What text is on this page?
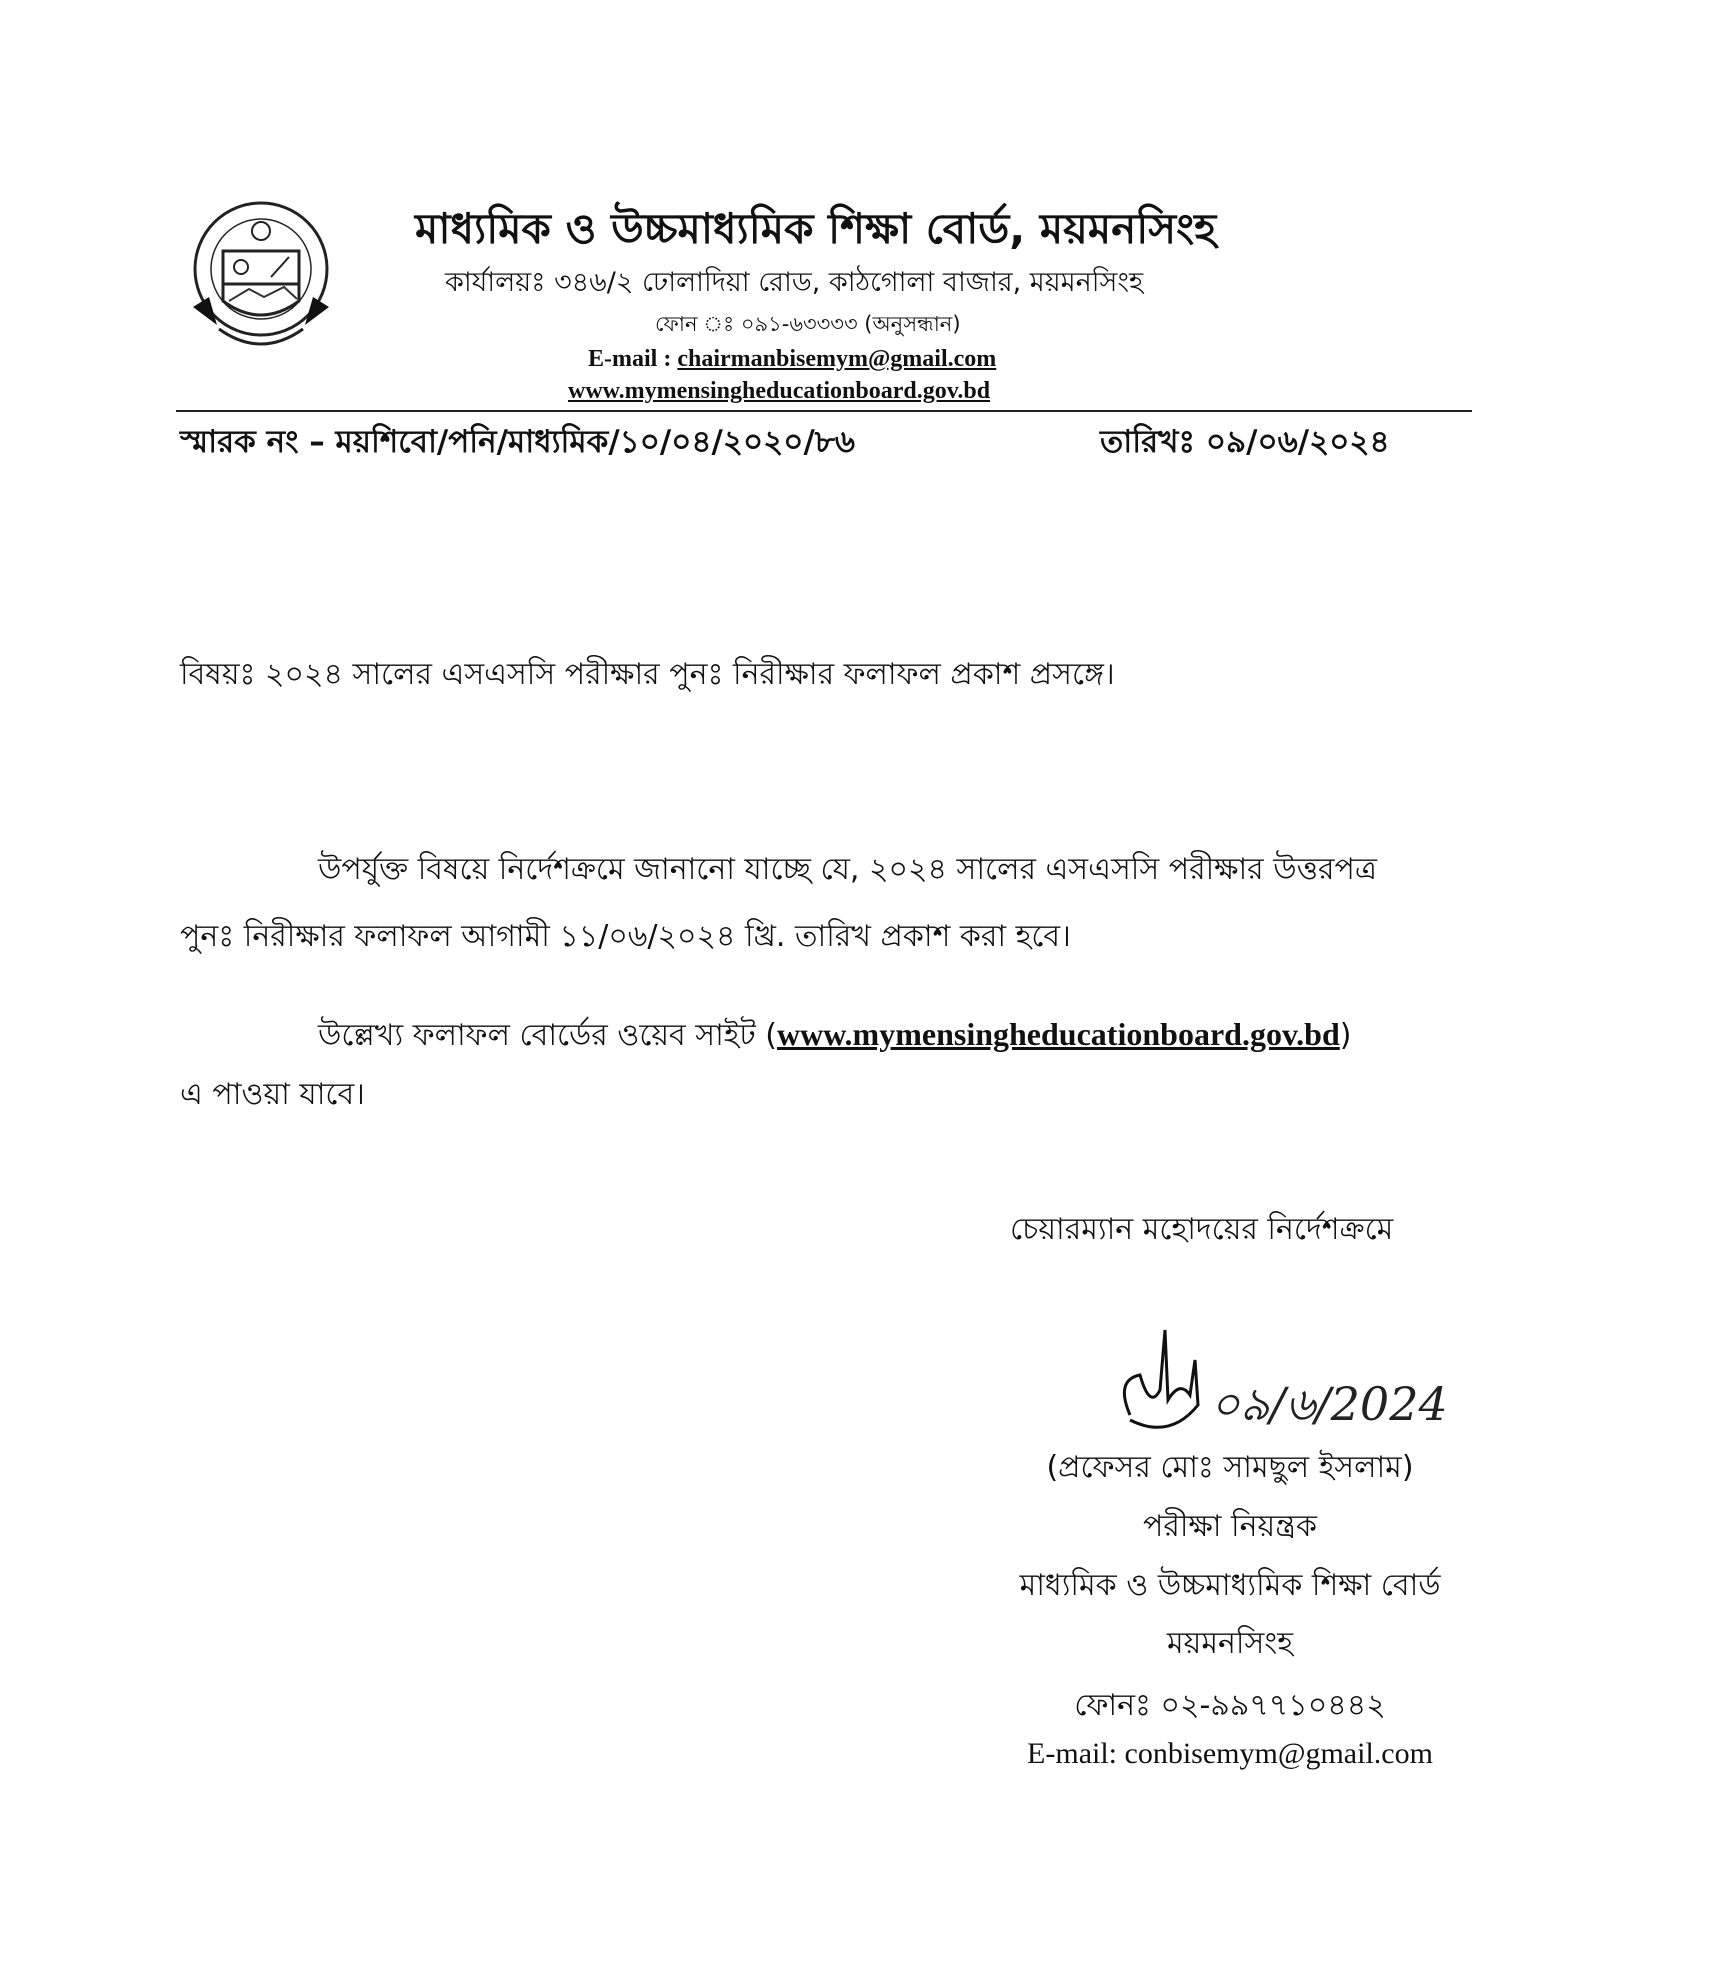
মাধ্যমিক ও উচ্চমাধ্যমিক শিক্ষা বোর্ড, ময়মনসিংহ
কার্যালয়ঃ ৩৪৬/২ ঢোলাদিয়া রোড, কাঠগোলা বাজার, ময়মনসিংহ
ফোন ঃ ০৯১-৬৩৩৩৩ (অনুসন্ধান)
E-mail : chairmanbisemym@gmail.com
www.mymensingheducationboard.gov.bd
স্মারক নং – ময়শিবো/পনি/মাধ্যমিক/১০/০৪/২০২০/৮৬	তারিখঃ ০৯/০৬/২০২৪
বিষয়ঃ ২০২৪ সালের এসএসসি পরীক্ষার পুনঃ নিরীক্ষার ফলাফল প্রকাশ প্রসঙ্গে।
উপর্যুক্ত বিষয়ে নির্দেশক্রমে জানানো যাচ্ছে যে, ২০২৪ সালের এসএসসি পরীক্ষার উত্তরপত্র
পুনঃ নিরীক্ষার ফলাফল আগামী ১১/০৬/২০২৪ খ্রি. তারিখ প্রকাশ করা হবে।
উল্লেখ্য ফলাফল বোর্ডের ওয়েব সাইট (www.mymensingheducationboard.gov.bd)
এ পাওয়া যাবে।
চেয়ারম্যান মহোদয়ের নির্দেশক্রমে
০৯/৬/2024
(প্রফেসর মোঃ সামছুল ইসলাম)
পরীক্ষা নিয়ন্ত্রক
মাধ্যমিক ও উচ্চমাধ্যমিক শিক্ষা বোর্ড
ময়মনসিংহ
ফোনঃ ০২-৯৯৭৭১০৪৪২
E-mail: conbisemym@gmail.com
